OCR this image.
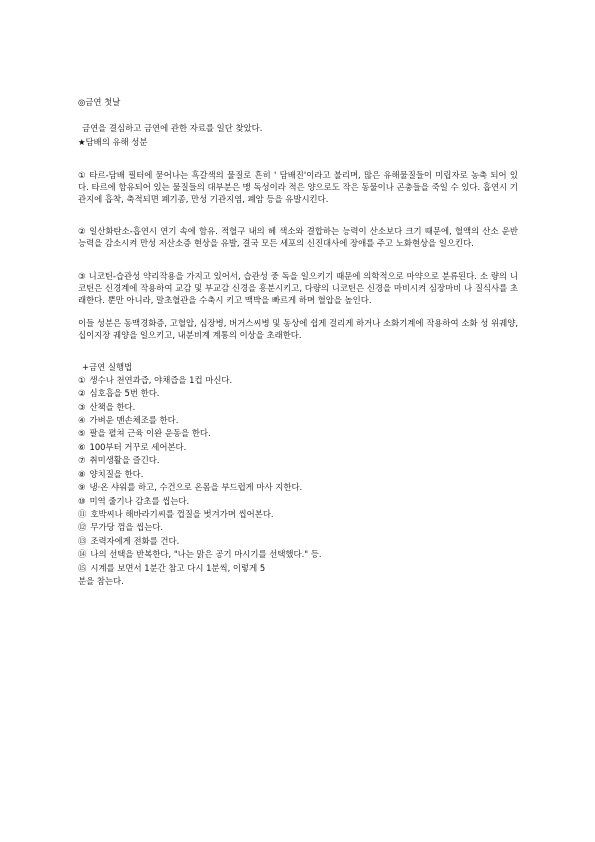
◎금연 첫날
금연을 결심하고 금연에 관한 자료를 일단 찾았다.
★담배의 유해 성분

① 타르-담배 필터에 묻어나는 흑갈색의 물질로 흔히 ' 담배진'이라고 불리며, 많은 유해물질들이 미립자로 농축 되어 있다. 타르에 함유되어 있는 물질들의 대부분은 맹 독성이라 적은 양으로도 작은 동물이나 곤충들을 죽일 수 있다. 흡연시 기관지에 흡착, 축적되면 폐기종, 만성 기관지염, 폐암 등을 유발시킨다.

② 일산화탄소-흡연시 연기 속에 함유. 적혈구 내의 헤 색소와 결합하는 능력이 산소보다 크기 때문에, 혈액의 산소 운반 능력을 감소시켜 만성 저산소증 현상을 유발, 결국 모든 세포의 신진대사에 장애를 주고 노화현상을 일으킨다.

③ 니코틴-습관성 약리작용을 가지고 있어서, 습관성 중 독을 일으키기 때문에 의학적으로 마약으로 분류된다. 소 량의 니코틴은 신경계에 작용하여 교감 및 부교감 신경을 흥분시키고, 다량의 니코틴은 신경을 마비시켜 심장마비 나 질식사를 초래한다. 뿐만 아니라, 말초혈관을 수축시 키고 맥박을 빠르게 하며 혈압을 높인다.

이들 성분은 동맥경화증, 고혈압, 심장병, 버거스씨병 및 동상에 쉽게 걸리게 하거나 소화기계에 작용하여 소화 성 위궤양, 십이지장 궤양을 일으키고, 내분비계 계통의 이상을 초래한다.

+금연 실행법
① 생수나 천연과즙, 야채즙을 1컵 마신다.
② 심호흡을 5번 한다.
③ 산책을 한다.
④ 가벼운 맨손체조를 한다.
⑤ 팔을 펼쳐 근육 이완 운동을 한다.
⑥ 100부터 거꾸로 세어본다.
⑦ 취미생활을 즐긴다.
⑧ 양치질을 한다.
⑨ 냉·온 샤워를 하고, 수건으로 온몸을 부드럽게 마사 지한다.
⑩ 미역 줄기나 감초를 씹는다.
⑪ 호박씨나 해바라기씨를 껍질을 벗겨가며 씹어본다.
⑫ 무가당 껌을 씹는다.
⑬ 조력자에게 전화를 건다.
⑭ 나의 선택을 반복한다, "나는 맑은 공기 마시기를 선택했다." 등.
⑮ 시계를 보면서 1분간 참고 다시 1분씩, 이렇게 5
분을 참는다.
